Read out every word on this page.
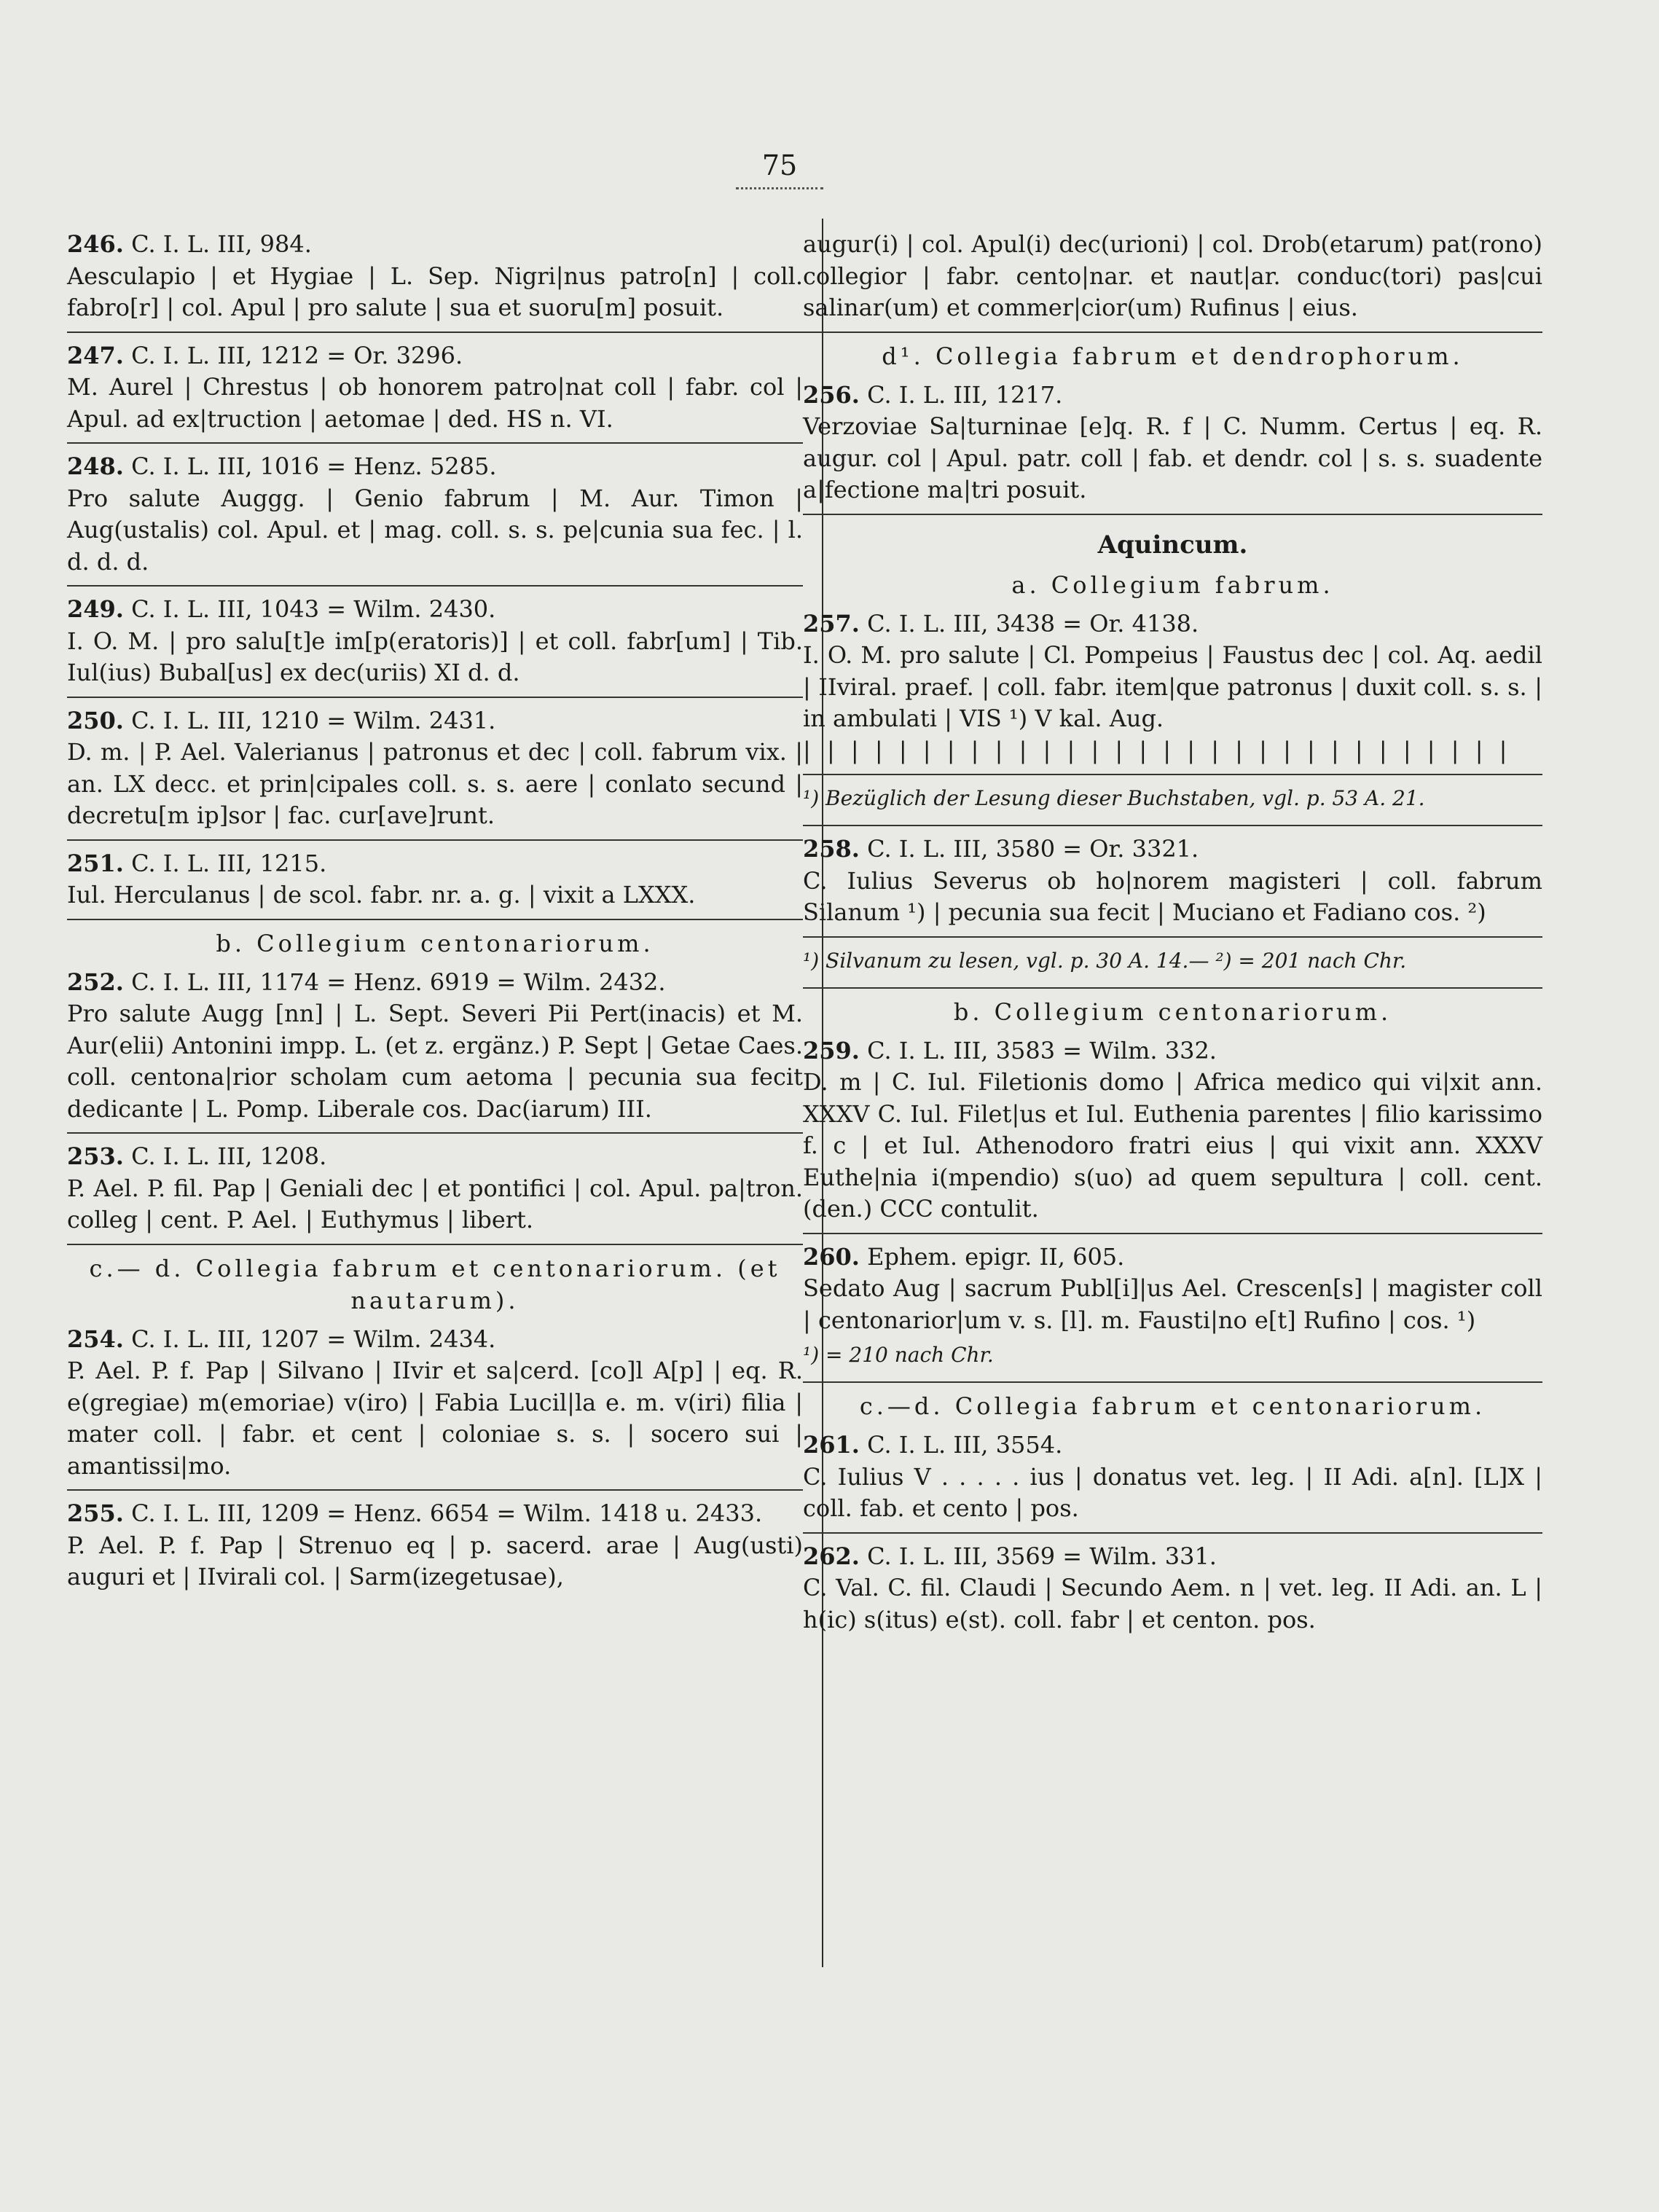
75
246. C. I. L. III, 984.
Aesculapio | et Hygiae | L. Sep. Nigri|nus patro[n] | coll. fabro[r] | col. Apul | pro salute | sua et suoru[m] posuit.
247. C. I. L. III, 1212 = Or. 3296.
M. Aurel | Chrestus | ob honorem patro|nat coll | fabr. col | Apul. ad ex|truction | aetomae | ded. HS n. VI.
248. C. I. L. III, 1016 = Henz. 5285.
Pro salute Auggg. | Genio fabrum | M. Aur. Timon | Aug(ustalis) col. Apul. et | mag. coll. s. s. pe|cunia sua fec. | l. d. d. d.
249. C. I. L. III, 1043 = Wilm. 2430.
I. O. M. | pro salu[t]e im[p(eratoris)] | et coll. fabr[um] | Tib. Iul(ius) Bubal[us] ex dec(uriis) XI d. d.
250. C. I. L. III, 1210 = Wilm. 2431.
D. m. | P. Ael. Valerianus | patronus et dec | coll. fabrum vix. | an. LX decc. et prin|cipales coll. s. s. aere | conlato secund | decretu[m ip]sor | fac. cur[ave]runt.
251. C. I. L. III, 1215.
Iul. Herculanus | de scol. fabr. nr. a. g. | vixit a LXXX.
b. Collegium centonariorum.
252. C. I. L. III, 1174 = Henz. 6919 = Wilm. 2432.
Pro salute Augg [nn] | L. Sept. Severi Pii Pert(inacis) et M. Aur(elii) Antonini impp. L. (et z. ergänz.) P. Sept | Getae Caes. coll. centona|rior scholam cum aetoma | pecunia sua fecit dedicante | L. Pomp. Liberale cos. Dac(iarum) III.
253. C. I. L. III, 1208.
P. Ael. P. fil. Pap | Geniali dec | et pontifici | col. Apul. pa|tron. colleg | cent. P. Ael. | Euthymus | libert.
c.— d. Collegia fabrum et centonariorum. (et nautarum).
254. C. I. L. III, 1207 = Wilm. 2434.
P. Ael. P. f. Pap | Silvano | IIvir et sa|cerd. [co]l A[p] | eq. R. e(gregiae) m(emoriae) v(iro) | Fabia Lucil|la e. m. v(iri) filia | mater coll. | fabr. et cent | coloniae s. s. | socero sui | amantissi|mo.
255. C. I. L. III, 1209 = Henz. 6654 = Wilm. 1418 u. 2433.
P. Ael. P. f. Pap | Strenuo eq | p. sacerd. arae | Aug(usti) auguri et | IIvirali col. | Sarm(izegetusae),
augur(i) | col. Apul(i) dec(urioni) | col. Drob(etarum) pat(rono) collegior | fabr. cento|nar. et naut|ar. conduc(tori) pas|cui salinar(um) et commer|cior(um) Rufinus | eius.
d¹. Collegia fabrum et dendrophorum.
256. C. I. L. III, 1217.
Verzoviae Sa|turninae [e]q. R. f | C. Numm. Certus | eq. R. augur. col | Apul. patr. coll | fab. et dendr. col | s. s. suadente a|fectione ma|tri posuit.
Aquincum.
a. Collegium fabrum.
257. C. I. L. III, 3438 = Or. 4138.
I. O. M. pro salute | Cl. Pompeius | Faustus dec | col. Aq. aedil | IIviral. praef. | coll. fabr. item|que patronus | duxit coll. s. s. | in ambulati | VIS ¹) V kal. Aug.
| | | | | | | | | | | | | | | | | | | | | | | | | | | | | |
¹) Bezüglich der Lesung dieser Buchstaben, vgl. p. 53 A. 21.
258. C. I. L. III, 3580 = Or. 3321.
C. Iulius Severus ob ho|norem magisteri | coll. fabrum Silanum ¹) | pecunia sua fecit | Muciano et Fadiano cos. ²)
¹) Silvanum zu lesen, vgl. p. 30 A. 14.— ²) = 201 nach Chr.
b. Collegium centonariorum.
259. C. I. L. III, 3583 = Wilm. 332.
D. m | C. Iul. Filetionis domo | Africa medico qui vi|xit ann. XXXV C. Iul. Filet|us et Iul. Euthenia parentes | filio karissimo f. c | et Iul. Athenodoro fratri eius | qui vixit ann. XXXV Euthe|nia i(mpendio) s(uo) ad quem sepultura | coll. cent. (den.) CCC contulit.
260. Ephem. epigr. II, 605.
Sedato Aug | sacrum Publ[i]|us Ael. Crescen[s] | magister coll | centonarior|um v. s. [l]. m. Fausti|no e[t] Rufino | cos. ¹)
¹) = 210 nach Chr.
c.—d. Collegia fabrum et centonariorum.
261. C. I. L. III, 3554.
C. Iulius V . . . . . ius | donatus vet. leg. | II Adi. a[n]. [L]X | coll. fab. et cento | pos.
262. C. I. L. III, 3569 = Wilm. 331.
C. Val. C. fil. Claudi | Secundo Aem. n | vet. leg. II Adi. an. L | h(ic) s(itus) e(st). coll. fabr | et centon. pos.
